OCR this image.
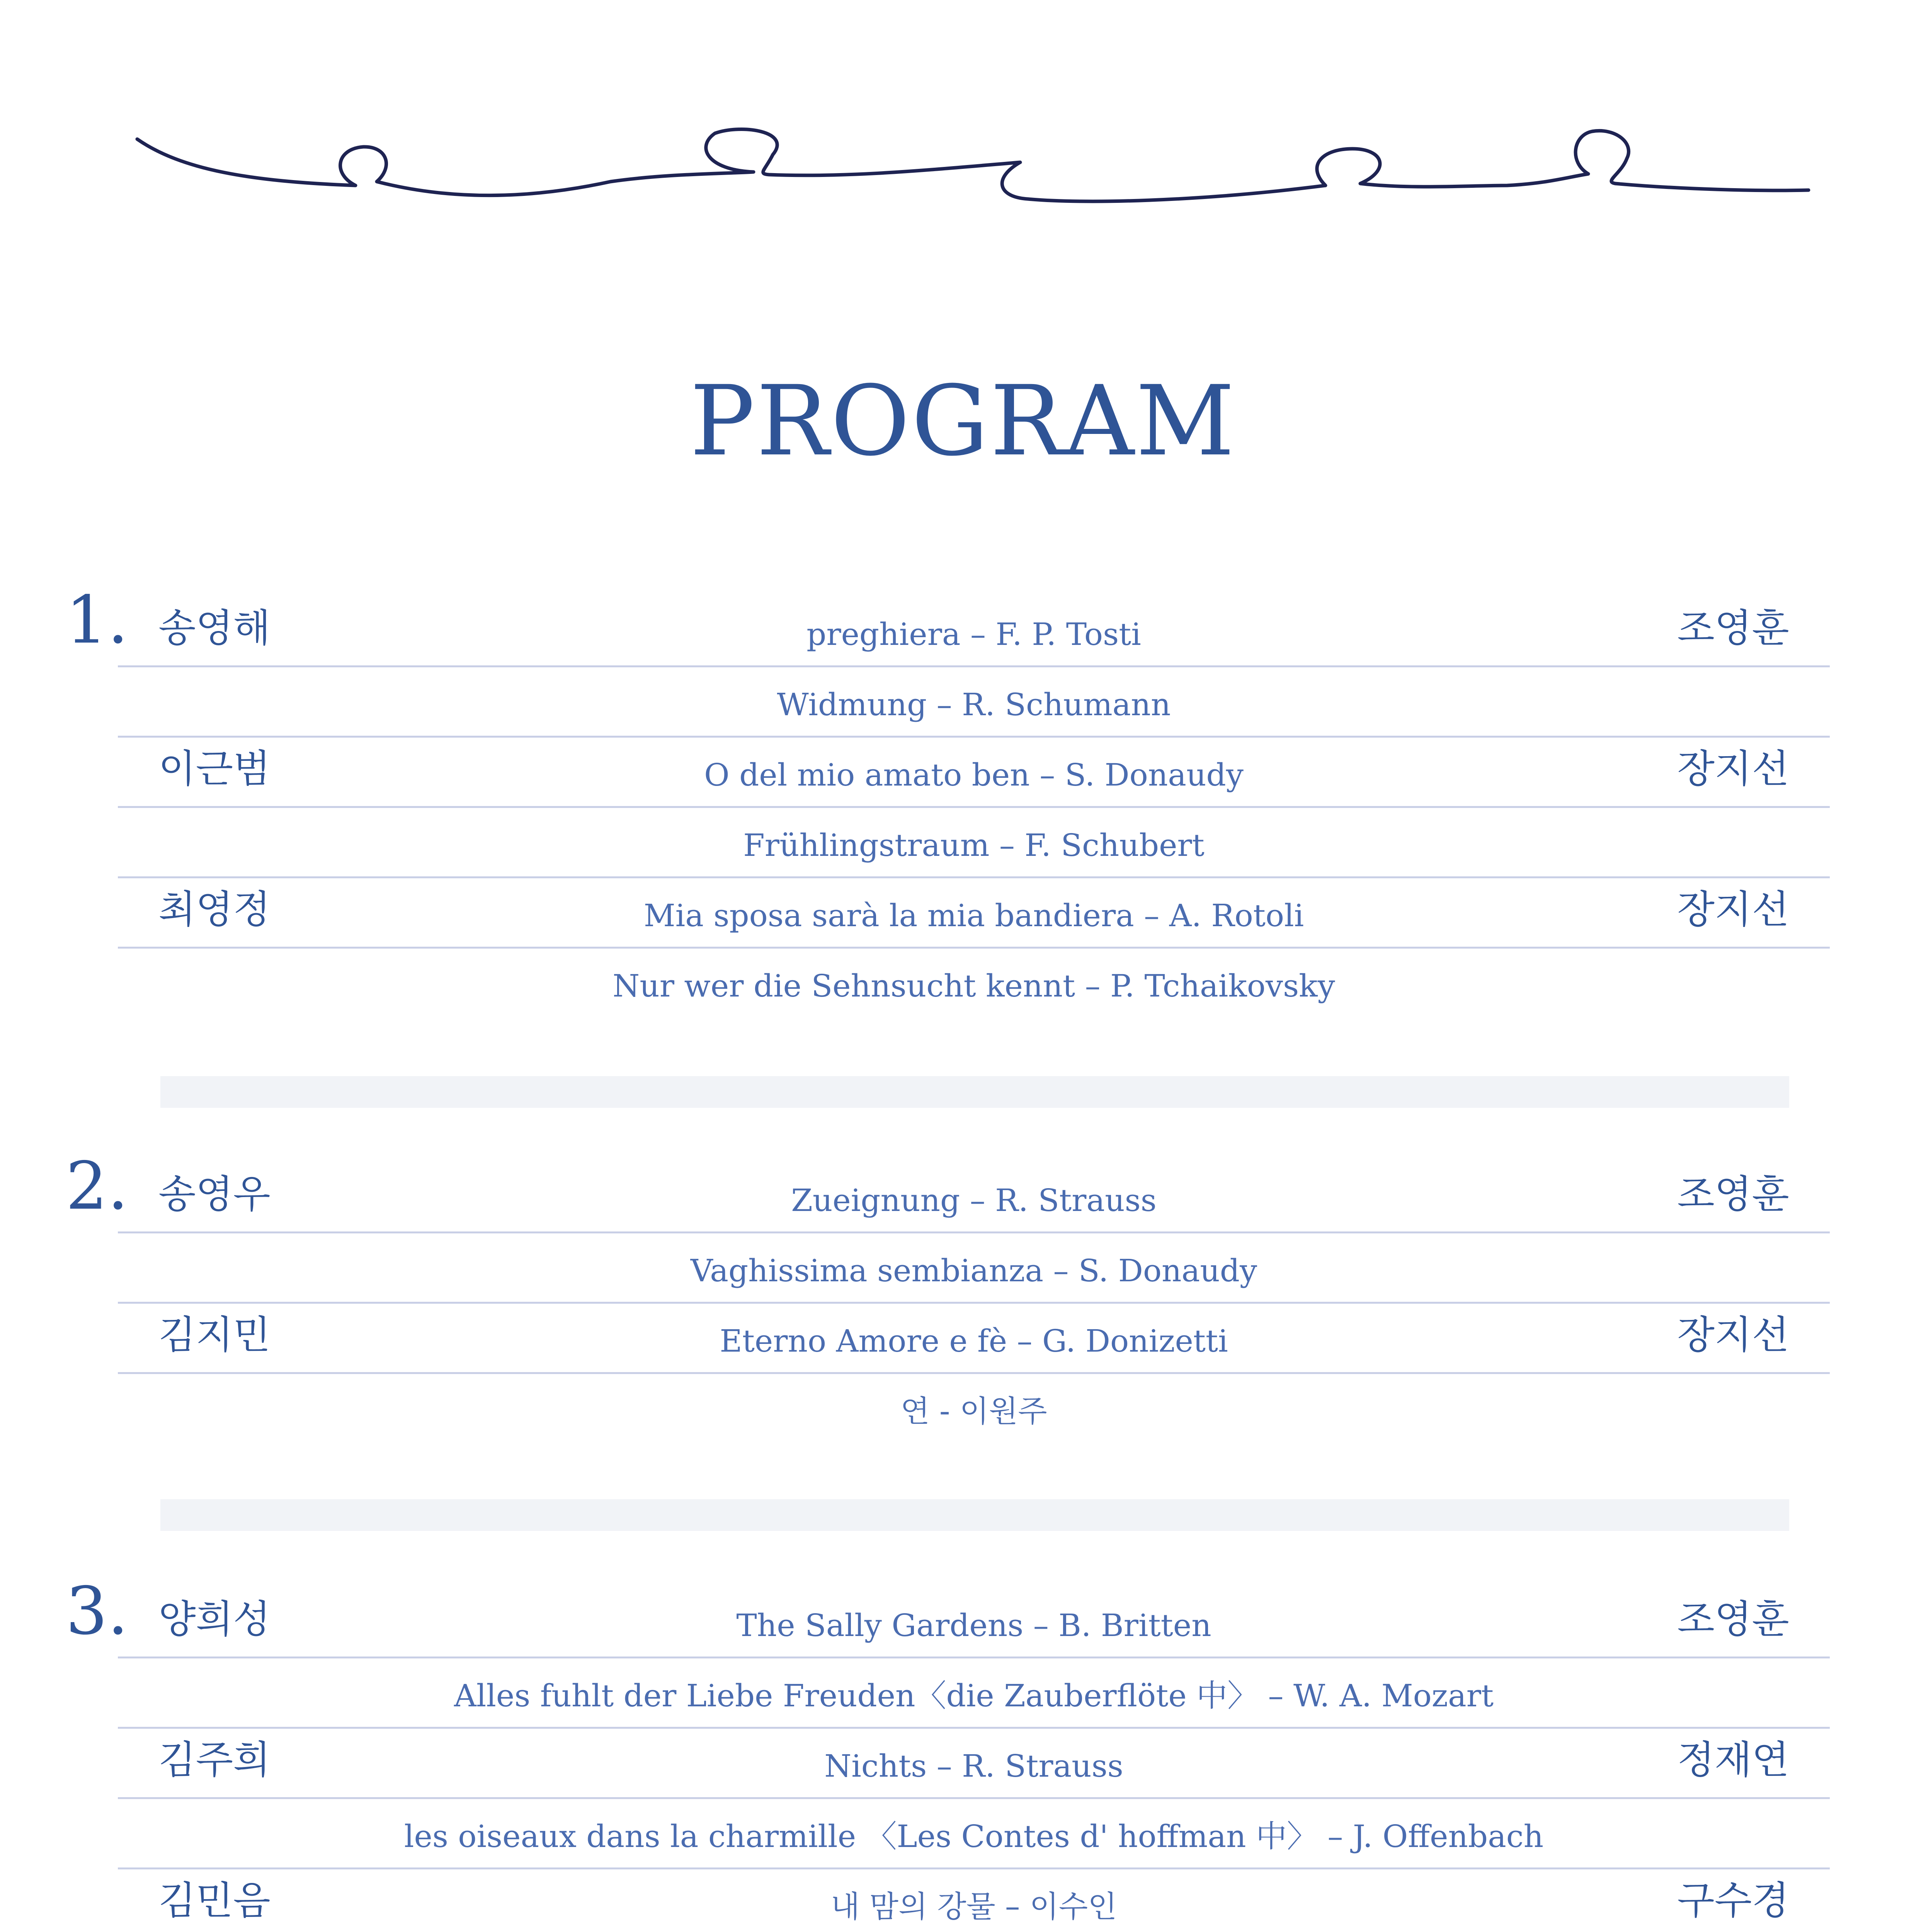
PROGRAM
1. 송영해	preghiera – F. P. Tosti	조영훈
Widmung – R. Schumann
이근범	O del mio amato ben – S. Donaudy	장지선
Frühlingstraum – F. Schubert
최영정	Mia sposa sarà la mia bandiera – A. Rotoli	장지선
Nur wer die Sehnsucht kennt – P. Tchaikovsky
2. 송영우	Zueignung – R. Strauss	조영훈
Vaghissima sembianza – S. Donaudy
김지민	Eterno Amore e fè – G. Donizetti	장지선
연 - 이원주
3. 양희성	The Sally Gardens – B. Britten	조영훈
Alles fuhlt der Liebe Freuden〈die Zauberflöte 中〉 – W. A. Mozart
김주희	Nichts – R. Strauss	정재연
les oiseaux dans la charmille 〈Les Contes d' hoffman 中〉 – J. Offenbach
김민음	내 맘의 강물 – 이수인	구수경
